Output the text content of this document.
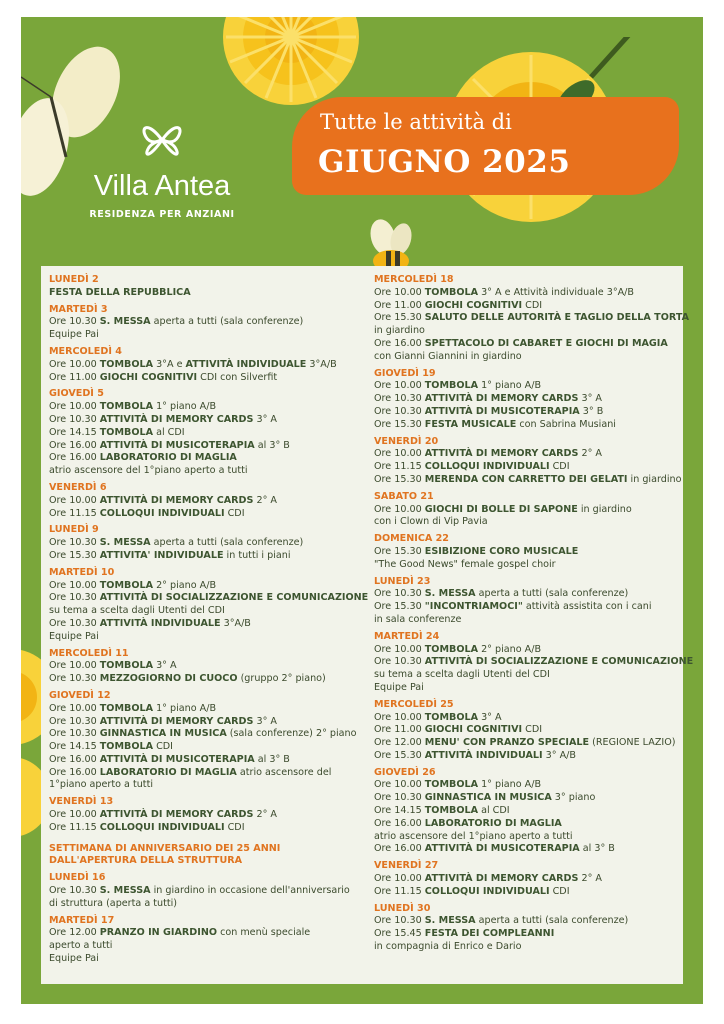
Villa Antea
RESIDENZA PER ANZIANI
Tutte le attività di
GIUGNO 2025
LUNEDÌ 2
FESTA DELLA REPUBBLICA
MARTEDÌ 3
Ore 10.30 S. MESSA aperta a tutti (sala conferenze)
Equipe Pai
MERCOLEDÌ 4
Ore 10.00 TOMBOLA 3°A e ATTIVITÀ INDIVIDUALE 3°A/B
Ore 11.00 GIOCHI COGNITIVI CDI con Silverfit
GIOVEDÌ 5
Ore 10.00 TOMBOLA 1° piano A/B
Ore 10.30 ATTIVITÀ DI MEMORY CARDS 3° A
Ore 14.15 TOMBOLA al CDI
Ore 16.00 ATTIVITÀ DI MUSICOTERAPIA al 3° B
Ore 16.00 LABORATORIO DI MAGLIA
atrio ascensore del 1°piano aperto a tutti
VENERDÌ 6
Ore 10.00 ATTIVITÀ DI MEMORY CARDS 2° A
Ore 11.15 COLLOQUI INDIVIDUALI CDI
LUNEDÌ 9
Ore 10.30 S. MESSA aperta a tutti (sala conferenze)
Ore 15.30 ATTIVITA' INDIVIDUALE in tutti i piani
MARTEDÌ 10
Ore 10.00 TOMBOLA 2° piano A/B
Ore 10.30 ATTIVITÀ DI SOCIALIZZAZIONE E COMUNICAZIONE
su tema a scelta dagli Utenti del CDI
Ore 10.30 ATTIVITÀ INDIVIDUALE 3°A/B
Equipe Pai
MERCOLEDÌ 11
Ore 10.00 TOMBOLA 3° A
Ore 10.30 MEZZOGIORNO DI CUOCO (gruppo 2° piano)
GIOVEDÌ 12
Ore 10.00 TOMBOLA 1° piano A/B
Ore 10.30 ATTIVITÀ DI MEMORY CARDS 3° A
Ore 10.30 GINNASTICA IN MUSICA (sala conferenze) 2° piano
Ore 14.15 TOMBOLA CDI
Ore 16.00 ATTIVITÀ DI MUSICOTERAPIA al 3° B
Ore 16.00 LABORATORIO DI MAGLIA atrio ascensore del
1°piano aperto a tutti
VENERDÌ 13
Ore 10.00 ATTIVITÀ DI MEMORY CARDS 2° A
Ore 11.15 COLLOQUI INDIVIDUALI CDI
SETTIMANA DI ANNIVERSARIO DEI 25 ANNI
DALL'APERTURA DELLA STRUTTURA
LUNEDÌ 16
Ore 10.30 S. MESSA in giardino in occasione dell'anniversario
di struttura (aperta a tutti)
MARTEDÌ 17
Ore 12.00 PRANZO IN GIARDINO con menù speciale
aperto a tutti
Equipe Pai
MERCOLEDÌ 18
Ore 10.00 TOMBOLA 3° A e Attività individuale 3°A/B
Ore 11.00 GIOCHI COGNITIVI CDI
Ore 15.30 SALUTO DELLE AUTORITÀ E TAGLIO DELLA TORTA
in giardino
Ore 16.00 SPETTACOLO DI CABARET E GIOCHI DI MAGIA
con Gianni Giannini in giardino
GIOVEDÌ 19
Ore 10.00 TOMBOLA 1° piano A/B
Ore 10.30 ATTIVITÀ DI MEMORY CARDS 3° A
Ore 10.30 ATTIVITÀ DI MUSICOTERAPIA 3° B
Ore 15.30 FESTA MUSICALE con Sabrina Musiani
VENERDÌ 20
Ore 10.00 ATTIVITÀ DI MEMORY CARDS 2° A
Ore 11.15 COLLOQUI INDIVIDUALI CDI
Ore 15.30 MERENDA CON CARRETTO DEI GELATI in giardino
SABATO 21
Ore 10.00 GIOCHI DI BOLLE DI SAPONE in giardino
con i Clown di Vip Pavia
DOMENICA 22
Ore 15.30 ESIBIZIONE CORO MUSICALE
"The Good News" female gospel choir
LUNEDÌ 23
Ore 10.30 S. MESSA aperta a tutti (sala conferenze)
Ore 15.30 "INCONTRIAMOCI" attività assistita con i cani
in sala conferenze
MARTEDÌ 24
Ore 10.00 TOMBOLA 2° piano A/B
Ore 10.30 ATTIVITÀ DI SOCIALIZZAZIONE E COMUNICAZIONE
su tema a scelta dagli Utenti del CDI
Equipe Pai
MERCOLEDÌ 25
Ore 10.00 TOMBOLA 3° A
Ore 11.00 GIOCHI COGNITIVI CDI
Ore 12.00 MENU' CON PRANZO SPECIALE (REGIONE LAZIO)
Ore 15.30 ATTIVITÀ INDIVIDUALI 3° A/B
GIOVEDÌ 26
Ore 10.00 TOMBOLA 1° piano A/B
Ore 10.30 GINNASTICA IN MUSICA 3° piano
Ore 14.15 TOMBOLA al CDI
Ore 16.00 LABORATORIO DI MAGLIA
atrio ascensore del 1°piano aperto a tutti
Ore 16.00 ATTIVITÀ DI MUSICOTERAPIA al 3° B
VENERDÌ 27
Ore 10.00 ATTIVITÀ DI MEMORY CARDS 2° A
Ore 11.15 COLLOQUI INDIVIDUALI CDI
LUNEDÌ 30
Ore 10.30 S. MESSA aperta a tutti (sala conferenze)
Ore 15.45 FESTA DEI COMPLEANNI
in compagnia di Enrico e Dario
